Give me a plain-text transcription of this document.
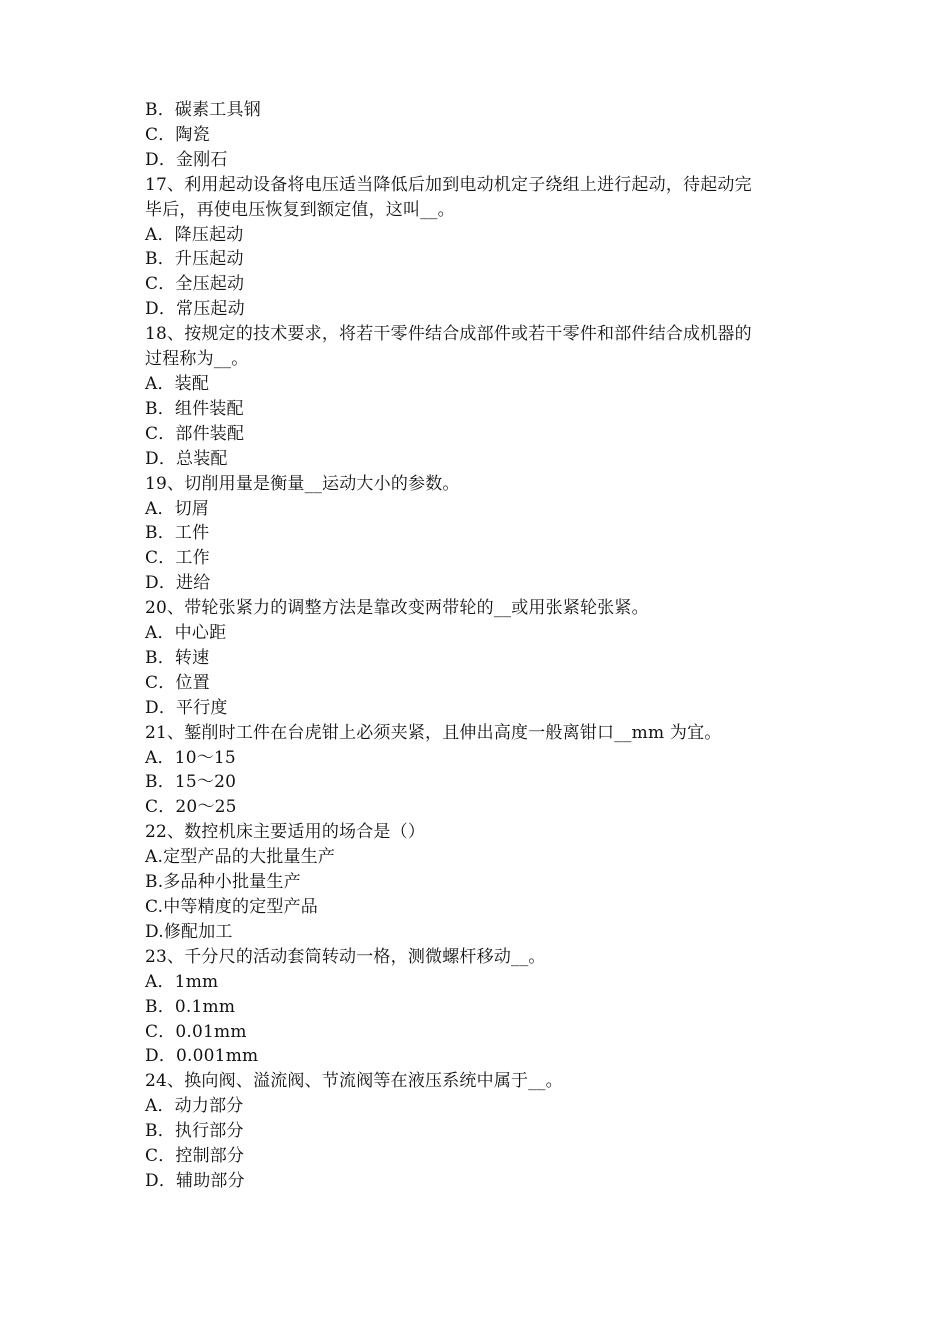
B．碳素工具钢
C．陶瓷
D．金刚石
17、利用起动设备将电压适当降低后加到电动机定子绕组上进行起动，待起动完
毕后，再使电压恢复到额定值，这叫__。
A．降压起动
B．升压起动
C．全压起动
D．常压起动
18、按规定的技术要求，将若干零件结合成部件或若干零件和部件结合成机器的
过程称为__。
A．装配
B．组件装配
C．部件装配
D．总装配
19、切削用量是衡量__运动大小的参数。
A．切屑
B．工件
C．工作
D．进给
20、带轮张紧力的调整方法是靠改变两带轮的__或用张紧轮张紧。
A．中心距
B．转速
C．位置
D．平行度
21、錾削时工件在台虎钳上必须夹紧，且伸出高度一般离钳口__mm 为宜。
A．10～15
B．15～20
C．20～25
22、数控机床主要适用的场合是（）
A.定型产品的大批量生产
B.多品种小批量生产
C.中等精度的定型产品
D.修配加工
23、千分尺的活动套筒转动一格，测微螺杆移动__。
A．1mm
B．0.1mm
C．0.01mm
D．0.001mm
24、换向阀、溢流阀、节流阀等在液压系统中属于__。
A．动力部分
B．执行部分
C．控制部分
D．辅助部分
